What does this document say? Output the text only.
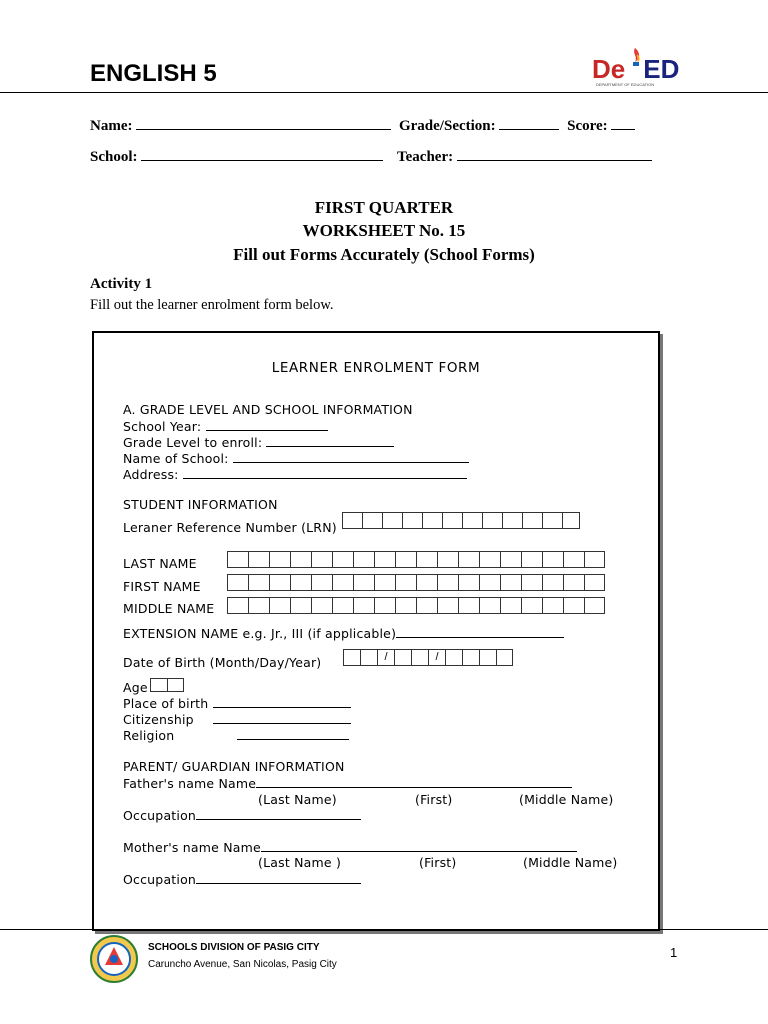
ENGLISH 5	De ED
DEPARTMENT OF EDUCATION
Name:	Grade/Section:	Score:
School:	Teacher:
FIRST QUARTER
WORKSHEET No. 15
Fill out Forms Accurately (School Forms)
Activity 1
Fill out the learner enrolment form below.
LEARNER ENROLMENT FORM
A. GRADE LEVEL AND SCHOOL INFORMATION
School Year:
Grade Level to enroll:
Name of School:
Address:
STUDENT INFORMATION
Leraner Reference Number (LRN)
LAST NAME
FIRST NAME
MIDDLE NAME
EXTENSION NAME e.g. Jr., III (if applicable)
Date of Birth (Month/Day/Year)	/	/
Age
Place of birth
Citizenship
Religion
PARENT/ GUARDIAN INFORMATION
Father's name Name
(Last Name)	(First)	(Middle Name)
Occupation
Mother's name Name
(Last Name )	(First)	(Middle Name)
Occupation
SCHOOLS DIVISION OF PASIG CITY
Caruncho Avenue, San Nicolas, Pasig City
1
